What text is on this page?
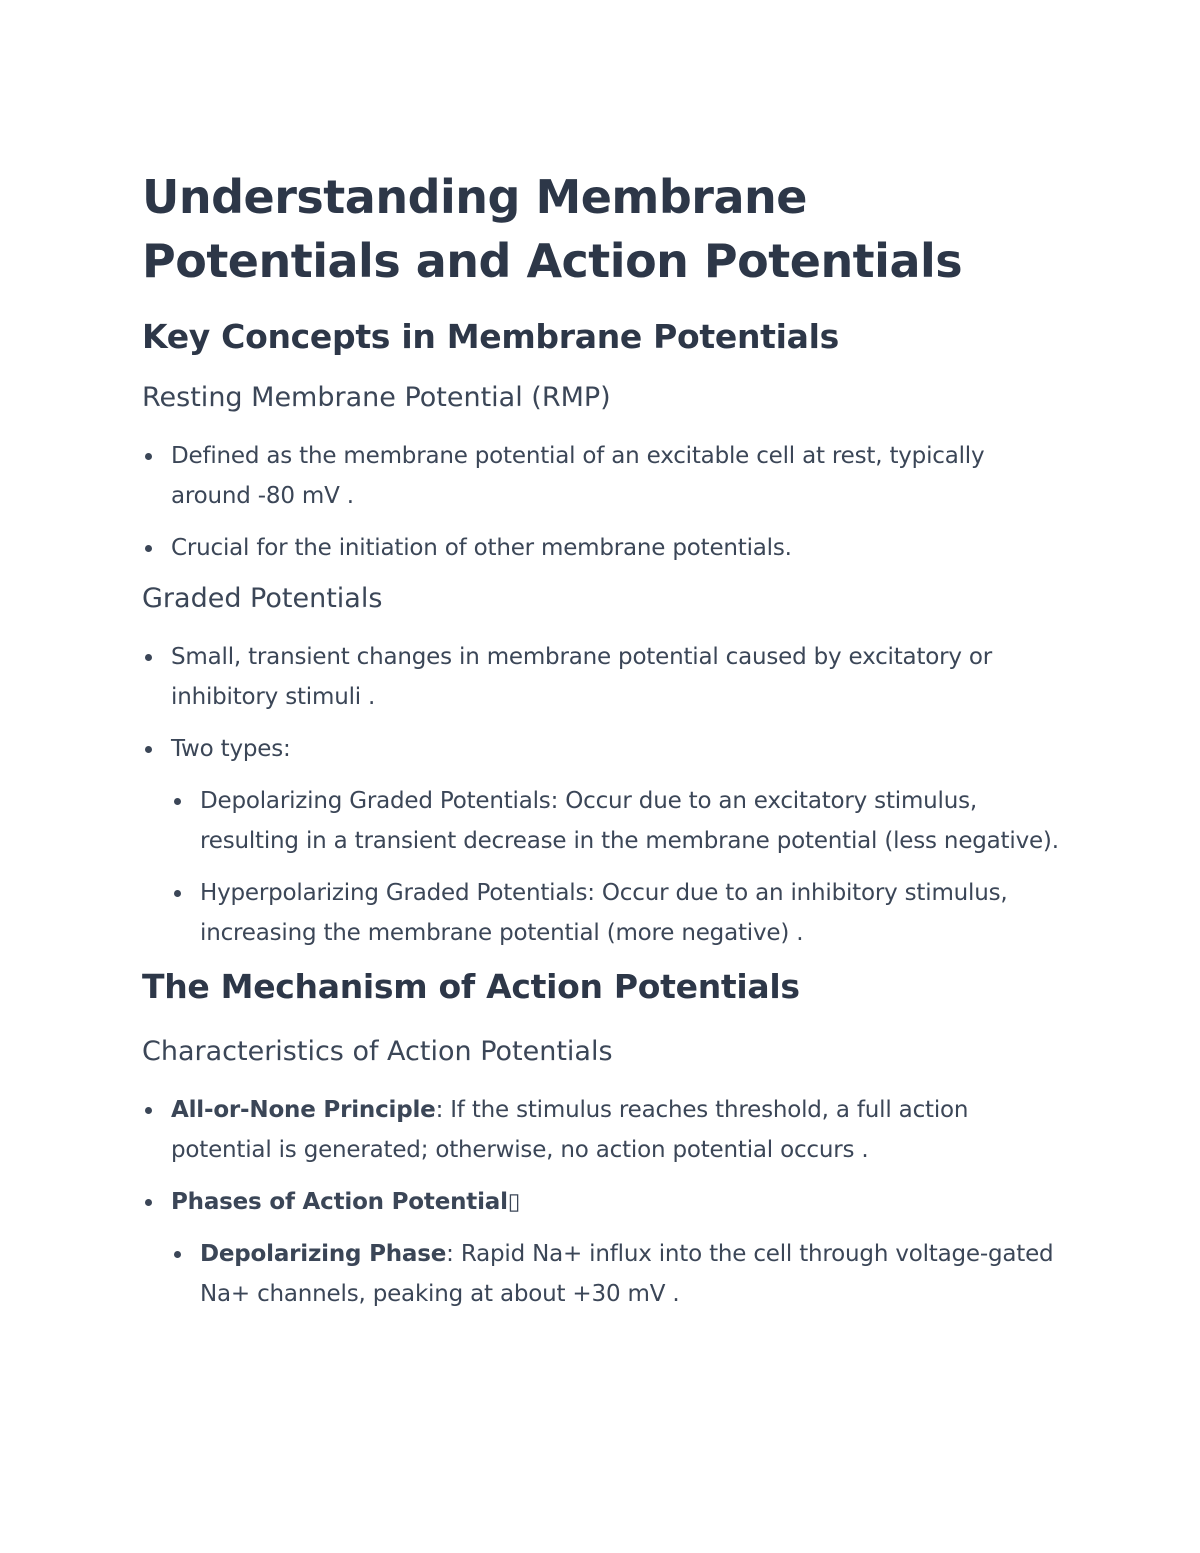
Understanding Membrane Potentials and Action Potentials
Key Concepts in Membrane Potentials
Resting Membrane Potential (RMP)
Defined as the membrane potential of an excitable cell at rest, typically around -80 mV .
Crucial for the initiation of other membrane potentials.
Graded Potentials
Small, transient changes in membrane potential caused by excitatory or inhibitory stimuli .
Two types:
Depolarizing Graded Potentials: Occur due to an excitatory stimulus, resulting in a transient decrease in the membrane potential (less negative).
Hyperpolarizing Graded Potentials: Occur due to an inhibitory stimulus, increasing the membrane potential (more negative) .
The Mechanism of Action Potentials
Characteristics of Action Potentials
All-or-None Principle: If the stimulus reaches threshold, a full action potential is generated; otherwise, no action potential occurs .
Phases of Action Potential▯
Depolarizing Phase: Rapid Na+ influx into the cell through voltage-gated Na+ channels, peaking at about +30 mV .
